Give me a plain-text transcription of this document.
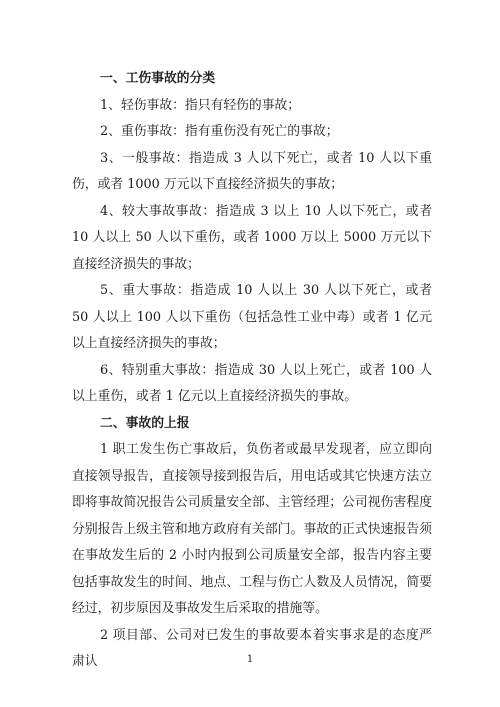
一、工伤事故的分类

1、轻伤事故：指只有轻伤的事故；

2、重伤事故：指有重伤没有死亡的事故；

3、一般事故：指造成 3 人以下死亡，或者 10 人以下重伤，或者 1000 万元以下直接经济损失的事故；

4、较大事故事故：指造成 3 以上 10 人以下死亡，或者 10 人以上 50 人以下重伤，或者 1000 万以上 5000 万元以下直接经济损失的事故；

5、重大事故：指造成 10 人以上 30 人以下死亡，或者 50 人以上 100 人以下重伤（包括急性工业中毒）或者 1 亿元以上直接经济损失的事故；

6、特别重大事故：指造成 30 人以上死亡，或者 100 人以上重伤，或者 1 亿元以上直接经济损失的事故。

二、事故的上报

1 职工发生伤亡事故后，负伤者或最早发现者，应立即向直接领导报告，直接领导接到报告后，用电话或其它快速方法立即将事故简况报告公司质量安全部、主管经理；公司视伤害程度分别报告上级主管和地方政府有关部门。事故的正式快速报告须在事故发生后的 2 小时内报到公司质量安全部，报告内容主要包括事故发生的时间、地点、工程与伤亡人数及人员情况，简要经过，初步原因及事故发生后采取的措施等。

2 项目部、公司对已发生的事故要本着实事求是的态度严肃认	1
